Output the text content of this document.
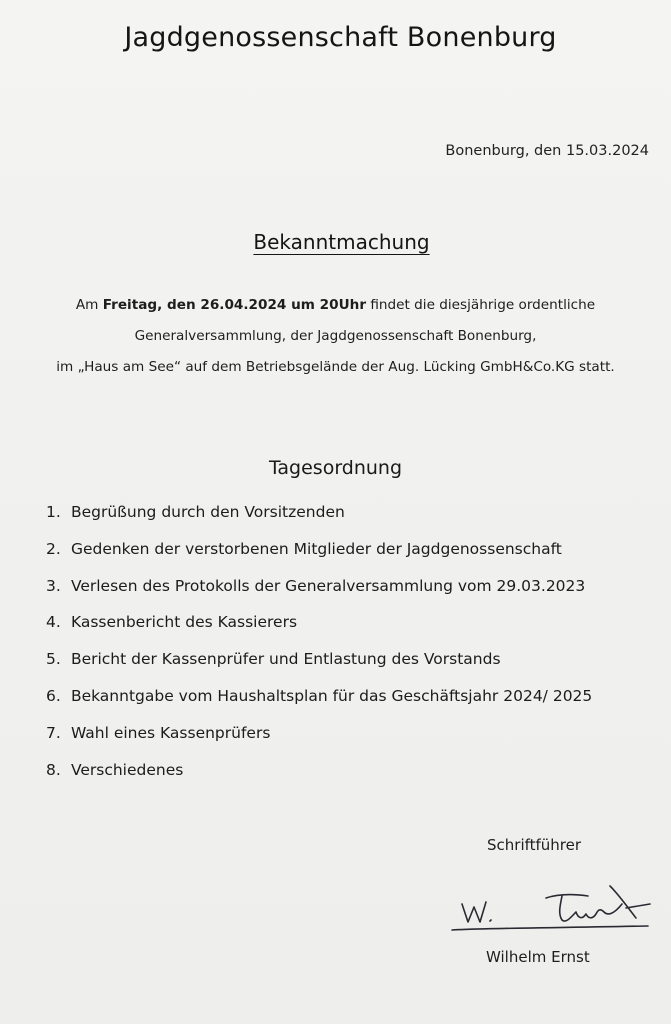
Jagdgenossenschaft Bonenburg
Bonenburg, den 15.03.2024
Bekanntmachung
Am Freitag, den 26.04.2024 um 20Uhr findet die diesjährige ordentliche
Generalversammlung, der Jagdgenossenschaft Bonenburg,
im „Haus am See“ auf dem Betriebsgelände der Aug. Lücking GmbH&Co.KG statt.
Tagesordnung
1. Begrüßung durch den Vorsitzenden
2. Gedenken der verstorbenen Mitglieder der Jagdgenossenschaft
3. Verlesen des Protokolls der Generalversammlung vom 29.03.2023
4. Kassenbericht des Kassierers
5. Bericht der Kassenprüfer und Entlastung des Vorstands
6. Bekanntgabe vom Haushaltsplan für das Geschäftsjahr 2024/ 2025
7. Wahl eines Kassenprüfers
8. Verschiedenes
Schriftführer
Wilhelm Ernst
